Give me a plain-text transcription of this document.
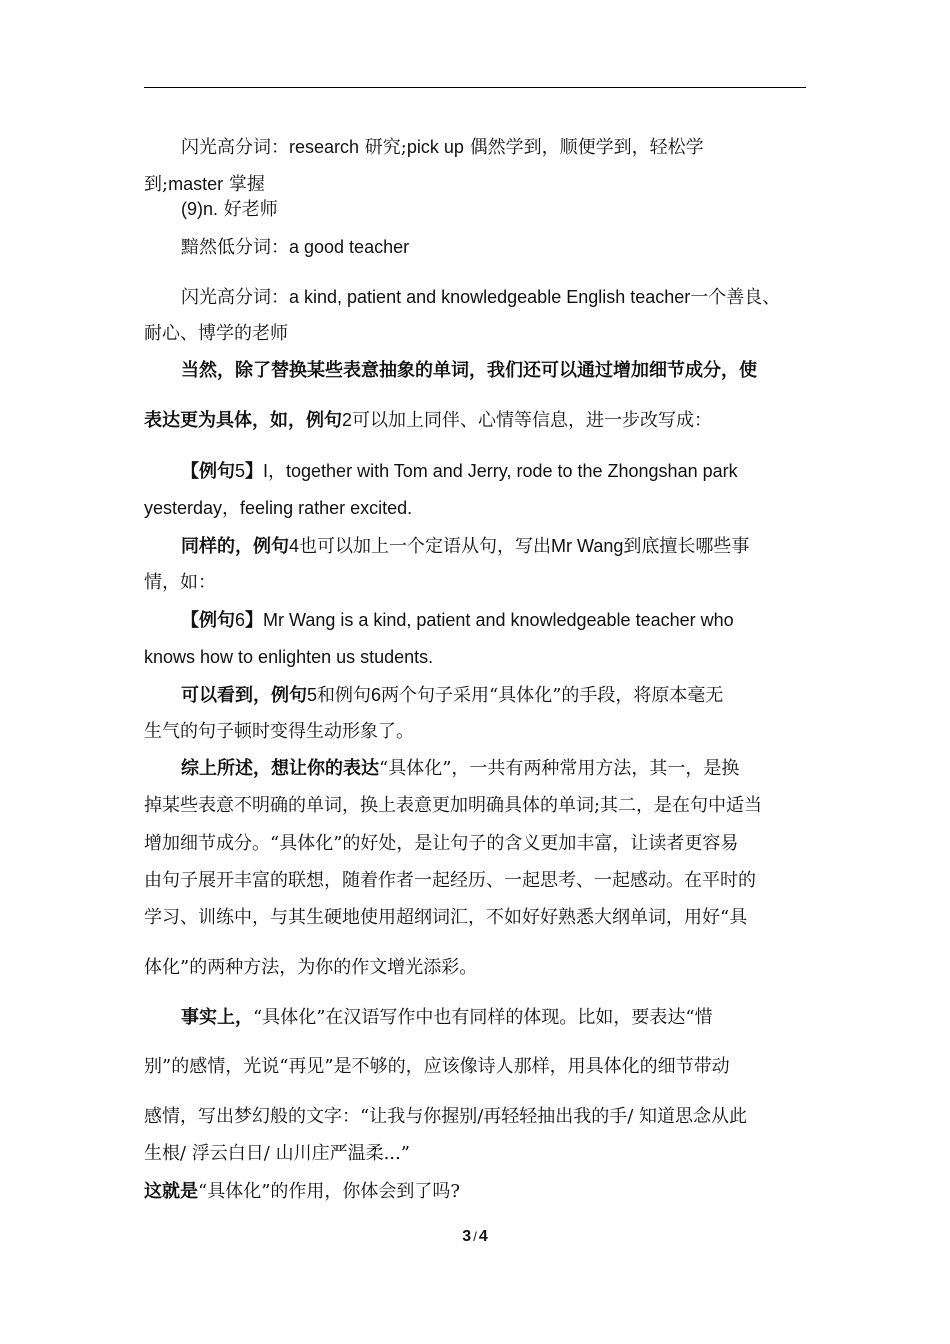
闪光高分词：research 研究;pick up 偶然学到，顺便学到，轻松学
到;master 掌握
(9)n. 好老师
黯然低分词：a good teacher
闪光高分词：a kind, patient and knowledgeable English teacher一个善良、
耐心、博学的老师
当然，除了替换某些表意抽象的单词，我们还可以通过增加细节成分，使
表达更为具体，如，例句2可以加上同伴、心情等信息，进一步改写成：
【例句5】I，together with Tom and Jerry, rode to the Zhongshan park
yesterday，feeling rather excited.
同样的，例句4也可以加上一个定语从句，写出Mr Wang到底擅长哪些事
情，如：
【例句6】Mr Wang is a kind, patient and knowledgeable teacher who
knows how to enlighten us students.
可以看到，例句5和例句6两个句子采用“具体化”的手段，将原本毫无
生气的句子顿时变得生动形象了。
综上所述，想让你的表达“具体化”，一共有两种常用方法，其一，是换
掉某些表意不明确的单词，换上表意更加明确具体的单词;其二，是在句中适当
增加细节成分。“具体化”的好处，是让句子的含义更加丰富，让读者更容易
由句子展开丰富的联想，随着作者一起经历、一起思考、一起感动。在平时的
学习、训练中，与其生硬地使用超纲词汇，不如好好熟悉大纲单词，用好“具
体化”的两种方法，为你的作文增光添彩。
事实上，“具体化”在汉语写作中也有同样的体现。比如，要表达“惜
别”的感情，光说“再见”是不够的，应该像诗人那样，用具体化的细节带动
感情，写出梦幻般的文字：“让我与你握别/再轻轻抽出我的手/ 知道思念从此
生根/ 浮云白日/ 山川庄严温柔...”
这就是“具体化”的作用，你体会到了吗?
3 / 4
